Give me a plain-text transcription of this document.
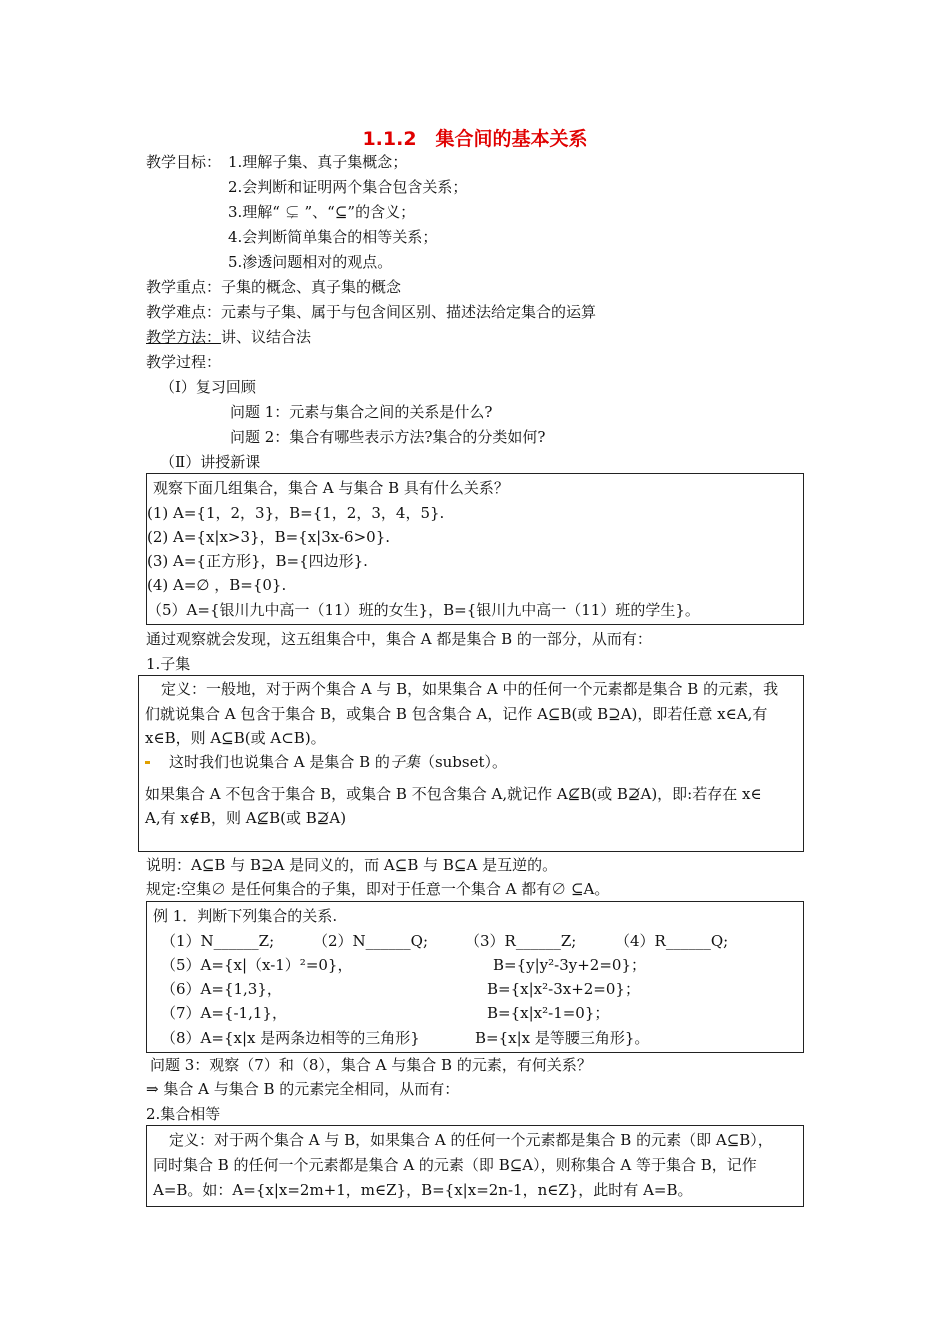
1.1.2　集合间的基本关系
教学目标： 1.理解子集、真子集概念；
2.会判断和证明两个集合包含关系；
3.理解“ ⊊ ”、“⊆”的含义；
4.会判断简单集合的相等关系；
5.渗透问题相对的观点。
教学重点：子集的概念、真子集的概念
教学难点：元素与子集、属于与包含间区别、描述法给定集合的运算
教学方法：讲、议结合法
教学过程：
（I）复习回顾
问题 1：元素与集合之间的关系是什么?
问题 2：集合有哪些表示方法?集合的分类如何?
（Ⅱ）讲授新课
观察下面几组集合，集合 A 与集合 B 具有什么关系？
(1) A={1，2，3}，B={1，2，3，4，5}.
(2) A={x|x>3}，B={x|3x-6>0}.
(3) A={正方形}，B={四边形}.
(4) A=∅ ，B={0}.
（5）A={银川九中高一（11）班的女生}，B={银川九中高一（11）班的学生}。
通过观察就会发现，这五组集合中，集合 A 都是集合 B 的一部分，从而有：
1.子集
定义：一般地，对于两个集合 A 与 B，如果集合 A 中的任何一个元素都是集合 B 的元素，我
们就说集合 A 包含于集合 B，或集合 B 包含集合 A，记作 A⊆B(或 B⊇A)，即若任意 x∈A,有
x∈B，则 A⊆B(或 A⊂B)。
这时我们也说集合 A 是集合 B 的子集（subset）。
如果集合 A 不包含于集合 B，或集合 B 不包含集合 A,就记作 A⊈B(或 B⊉A)，即:若存在 x∈
A,有 x∉B，则 A⊈B(或 B⊉A)
说明：A⊆B 与 B⊇A 是同义的，而 A⊆B 与 B⊆A 是互逆的。
规定:空集∅ 是任何集合的子集，即对于任意一个集合 A 都有∅ ⊆A。
例 1．判断下列集合的关系.
（1）N______Z;	（2）N______Q; （3）R______Z;	（4）R______Q;
（5）A={x|（x-1）²=0}，	B={y|y²-3y+2=0}；
（6）A={1,3}，	B={x|x²-3x+2=0}；
（7）A={-1,1}，	B={x|x²-1=0}；
（8）A={x|x 是两条边相等的三角形}	B={x|x 是等腰三角形}。
问题 3：观察（7）和（8），集合 A 与集合 B 的元素，有何关系？
⇒ 集合 A 与集合 B 的元素完全相同，从而有：
2.集合相等
定义：对于两个集合 A 与 B，如果集合 A 的任何一个元素都是集合 B 的元素（即 A⊆B），
同时集合 B 的任何一个元素都是集合 A 的元素（即 B⊆A），则称集合 A 等于集合 B，记作
A=B。如：A={x|x=2m+1，m∈Z}，B={x|x=2n-1，n∈Z}，此时有 A=B。
